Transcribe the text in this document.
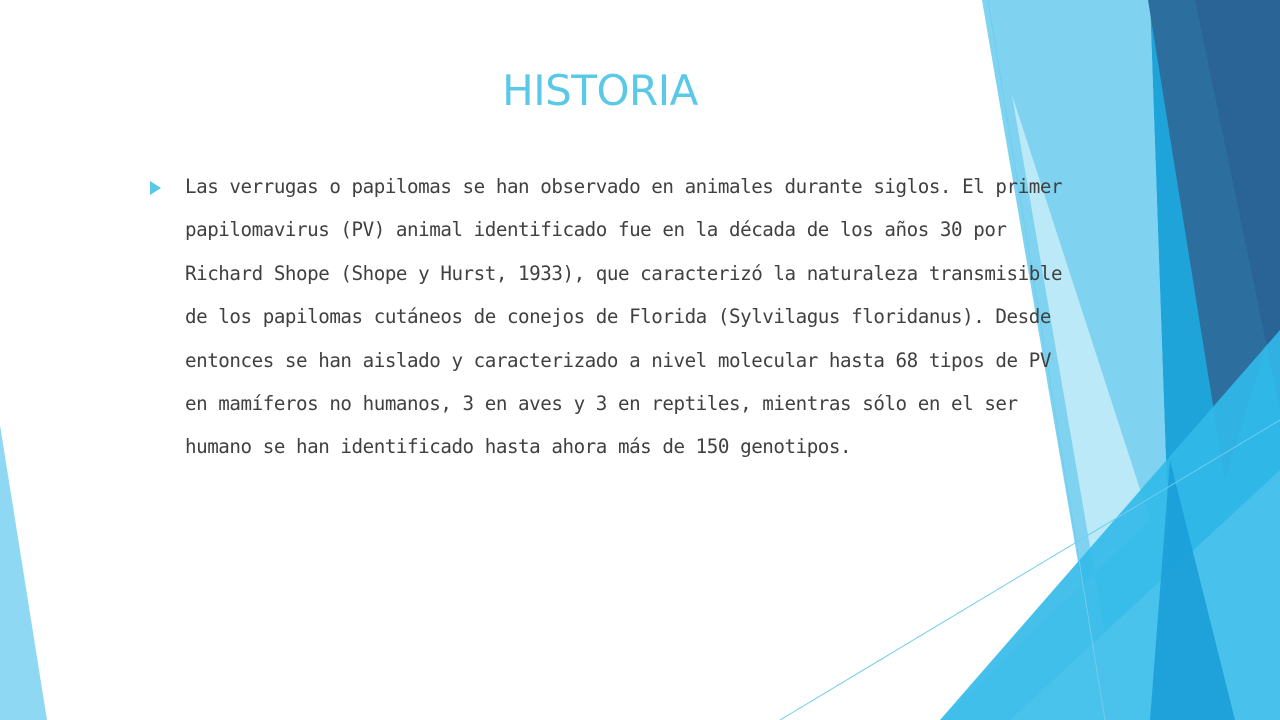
HISTORIA

Las verrugas o papilomas se han observado en animales durante siglos. El primer papilomavirus (PV) animal identificado fue en la década de los años 30 por Richard Shope (Shope y Hurst, 1933), que caracterizó la naturaleza transmisible de los papilomas cutáneos de conejos de Florida (Sylvilagus floridanus). Desde entonces se han aislado y caracterizado a nivel molecular hasta 68 tipos de PV en mamíferos no humanos, 3 en aves y 3 en reptiles, mientras sólo en el ser humano se han identificado hasta ahora más de 150 genotipos.
